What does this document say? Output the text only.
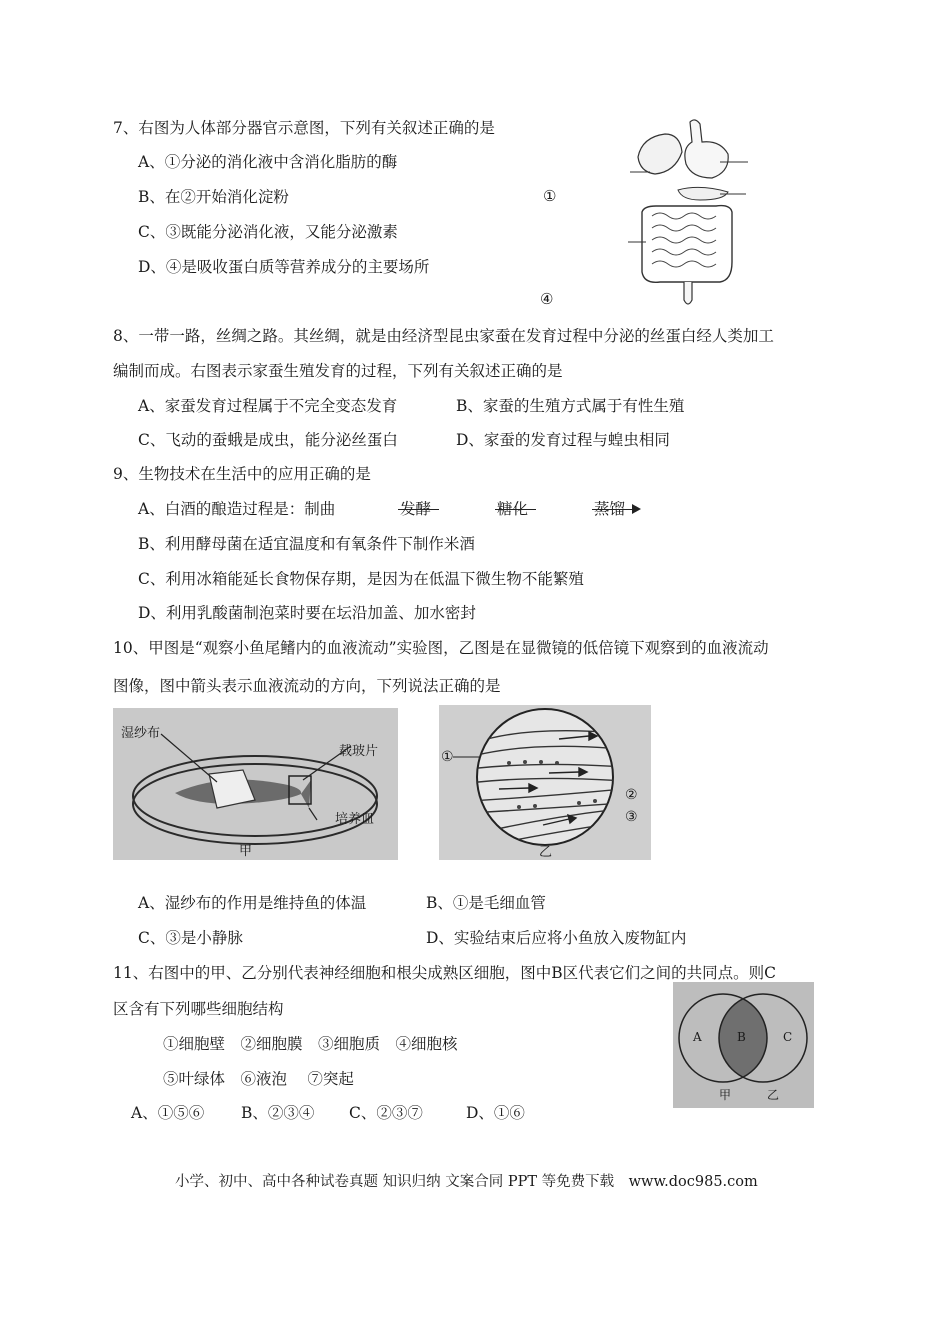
7、右图为人体部分器官示意图，下列有关叙述正确的是
A、①分泌的消化液中含消化脂肪的酶
B、在②开始消化淀粉
C、③既能分泌消化液，又能分泌激素
D、④是吸收蛋白质等营养成分的主要场所
①
④
8、一带一路，丝绸之路。其丝绸，就是由经济型昆虫家蚕在发育过程中分泌的丝蛋白经人类加工
编制而成。右图表示家蚕生殖发育的过程，下列有关叙述正确的是
A、家蚕发育过程属于不完全变态发育	B、家蚕的生殖方式属于有性生殖
C、飞动的蚕蛾是成虫，能分泌丝蛋白	D、家蚕的发育过程与蝗虫相同
9、生物技术在生活中的应用正确的是
A、白酒的酿造过程是：制曲	发酵	糖化	蒸馏
B、利用酵母菌在适宜温度和有氧条件下制作米酒
C、利用冰箱能延长食物保存期，是因为在低温下微生物不能繁殖
D、利用乳酸菌制泡菜时要在坛沿加盖、加水密封
10、甲图是“观察小鱼尾鳍内的血液流动”实验图，乙图是在显微镜的低倍镜下观察到的血液流动
图像，图中箭头表示血液流动的方向，下列说法正确的是
湿纱布
载玻片
培养皿
甲
①
②
③
乙
A、湿纱布的作用是维持鱼的体温	B、①是毛细血管
C、③是小静脉	D、实验结束后应将小鱼放入废物缸内
11、右图中的甲、乙分别代表神经细胞和根尖成熟区细胞，图中B区代表它们之间的共同点。则C
区含有下列哪些细胞结构
①细胞壁　②细胞膜　③细胞质　④细胞核
⑤叶绿体　⑥液泡　 ⑦突起
A、①⑤⑥ B、②③④ C、②③⑦	D、①⑥
A	B	C
甲	乙
小学、初中、高中各种试卷真题 知识归纳 文案合同 PPT 等免费下载　www.doc985.com
